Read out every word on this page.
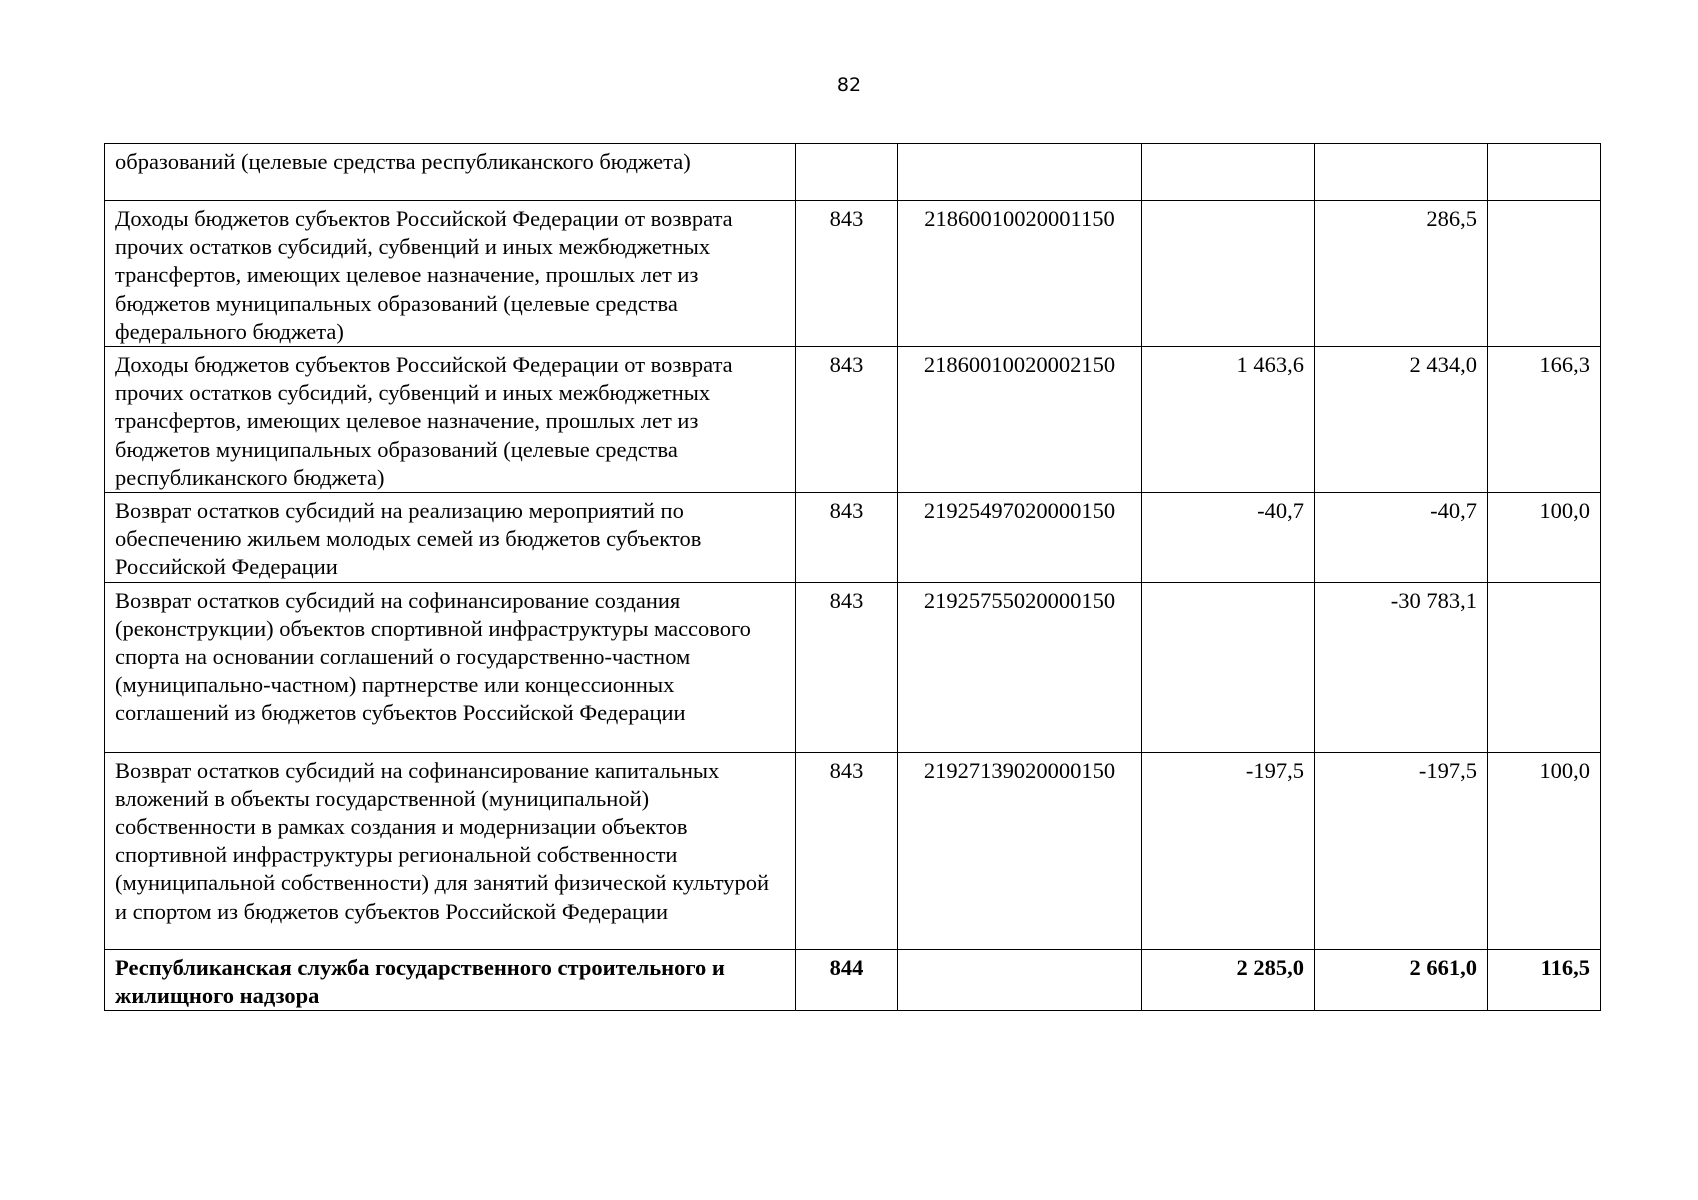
82
образований (целевые средства республиканского бюджета)					
Доходы бюджетов субъектов Российской Федерации от возврата прочих остатков субсидий, субвенций и иных межбюджетных трансфертов, имеющих целевое назначение, прошлых лет из бюджетов муниципальных образований (целевые средства федерального бюджета)	843	21860010020001150		286,5	
Доходы бюджетов субъектов Российской Федерации от возврата прочих остатков субсидий, субвенций и иных межбюджетных трансфертов, имеющих целевое назначение, прошлых лет из бюджетов муниципальных образований (целевые средства республиканского бюджета)	843	21860010020002150	1 463,6	2 434,0	166,3
Возврат остатков субсидий на реализацию мероприятий по обеспечению жильем молодых семей из бюджетов субъектов Российской Федерации	843	21925497020000150	-40,7	-40,7	100,0
Возврат остатков субсидий на софинансирование создания (реконструкции) объектов спортивной инфраструктуры массового спорта на основании соглашений о государственно-частном (муниципально-частном) партнерстве или концессионных соглашений из бюджетов субъектов Российской Федерации	843	21925755020000150		-30 783,1	
Возврат остатков субсидий на софинансирование капитальных вложений в объекты государственной (муниципальной) собственности в рамках создания и модернизации объектов спортивной инфраструктуры региональной собственности (муниципальной собственности) для занятий физической культурой и спортом из бюджетов субъектов Российской Федерации	843	21927139020000150	-197,5	-197,5	100,0
Республиканская служба государственного строительного и жилищного надзора	844		2 285,0	2 661,0	116,5
